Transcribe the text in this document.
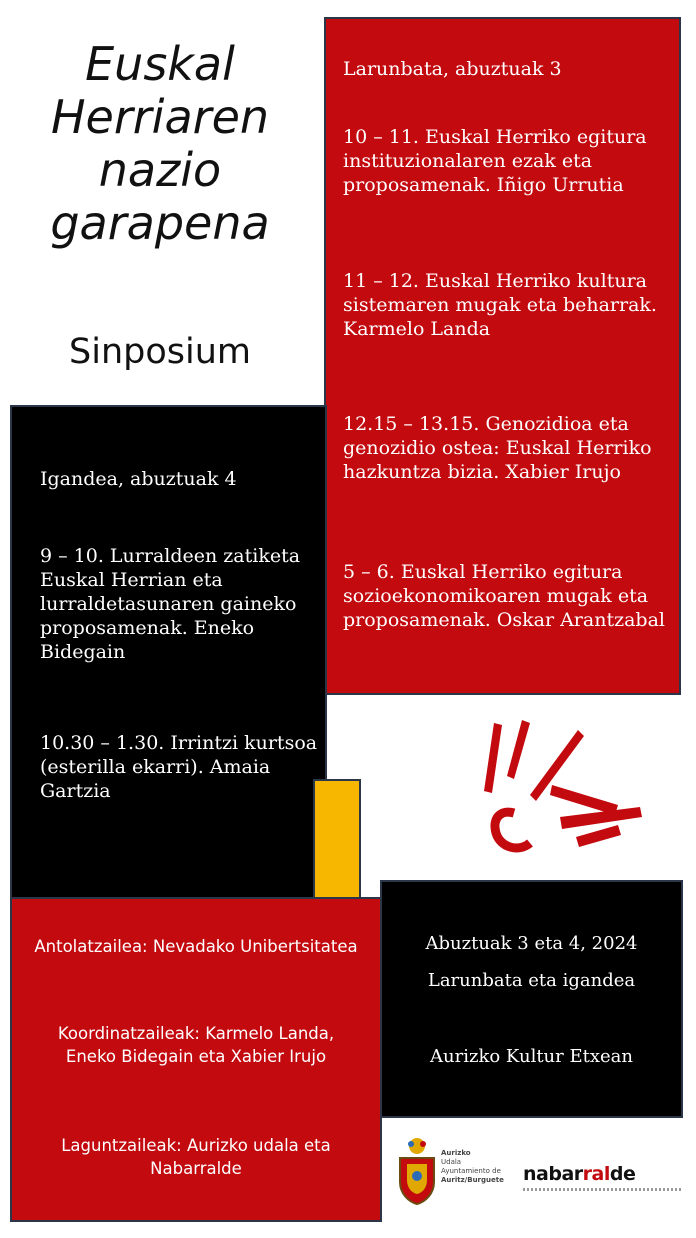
Euskal
Herriaren
nazio
garapena
Sinposium
Larunbata, abuztuak 3
10 – 11. Euskal Herriko egitura instituzionalaren ezak eta proposamenak. Iñigo Urrutia
11 – 12. Euskal Herriko kultura sistemaren mugak eta beharrak. Karmelo Landa
12.15 – 13.15. Genozidioa eta genozidio ostea: Euskal Herriko hazkuntza bizia. Xabier Irujo
5 – 6. Euskal Herriko egitura sozioekonomikoaren mugak eta proposamenak. Oskar Arantzabal
Igandea, abuztuak 4
9 – 10. Lurraldeen zatiketa Euskal Herrian eta lurraldetasunaren gaineko proposamenak. Eneko Bidegain
10.30 – 1.30. Irrintzi kurtsoa (esterilla ekarri). Amaia Gartzia
Antolatzailea: Nevadako Unibertsitatea
Koordinatzaileak: Karmelo Landa, Eneko Bidegain eta Xabier Irujo
Laguntzaileak: Aurizko udala eta Nabarralde
Abuztuak 3 eta 4, 2024
Larunbata eta igandea
Aurizko Kultur Etxean
Aurizko
Udala
Ayuntamiento de
Auritz/Burguete	nabarralde
